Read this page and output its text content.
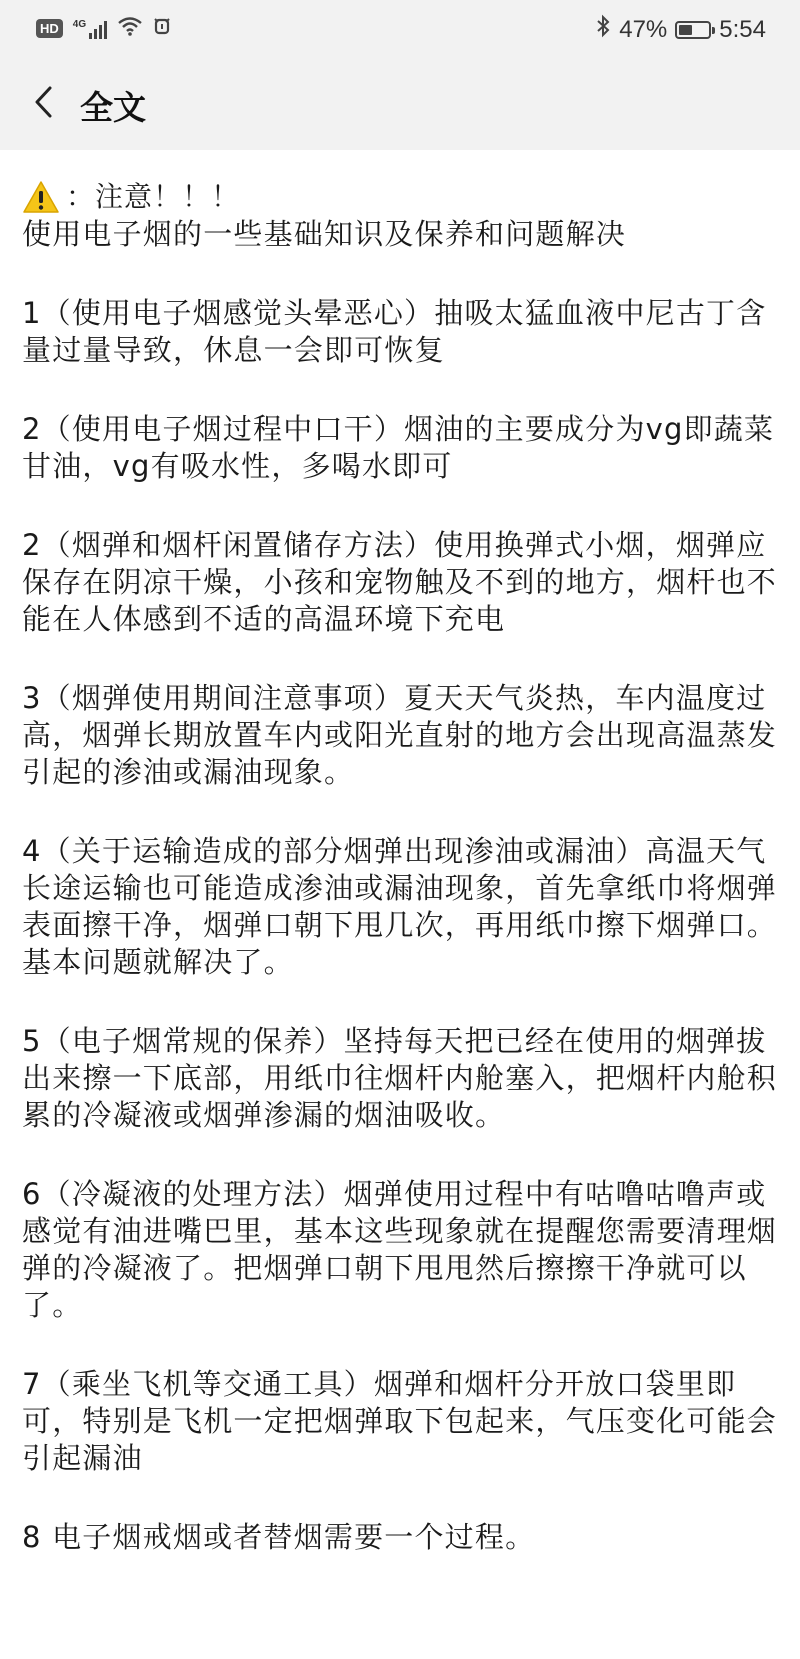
HD	4G	47% 5:54
全文
：注意！！！

使用电子烟的一些基础知识及保养和问题解决

1（使用电子烟感觉头晕恶心）抽吸太猛血液中尼古丁含量过量导致，休息一会即可恢复

2（使用电子烟过程中口干）烟油的主要成分为vg即蔬菜甘油，vg有吸水性，多喝水即可

2（烟弹和烟杆闲置储存方法）使用换弹式小烟，烟弹应保存在阴凉干燥，小孩和宠物触及不到的地方，烟杆也不能在人体感到不适的高温环境下充电

3（烟弹使用期间注意事项）夏天天气炎热，车内温度过高，烟弹长期放置车内或阳光直射的地方会出现高温蒸发引起的渗油或漏油现象。

4（关于运输造成的部分烟弹出现渗油或漏油）高温天气长途运输也可能造成渗油或漏油现象，首先拿纸巾将烟弹表面擦干净，烟弹口朝下甩几次，再用纸巾擦下烟弹口。基本问题就解决了。

5（电子烟常规的保养）坚持每天把已经在使用的烟弹拔出来擦一下底部，用纸巾往烟杆内舱塞入，把烟杆内舱积累的冷凝液或烟弹渗漏的烟油吸收。

6（冷凝液的处理方法）烟弹使用过程中有咕噜咕噜声或感觉有油进嘴巴里，基本这些现象就在提醒您需要清理烟弹的冷凝液了。把烟弹口朝下甩甩然后擦擦干净就可以了。

7（乘坐飞机等交通工具）烟弹和烟杆分开放口袋里即可，特别是飞机一定把烟弹取下包起来，气压变化可能会引起漏油

8 电子烟戒烟或者替烟需要一个过程。
